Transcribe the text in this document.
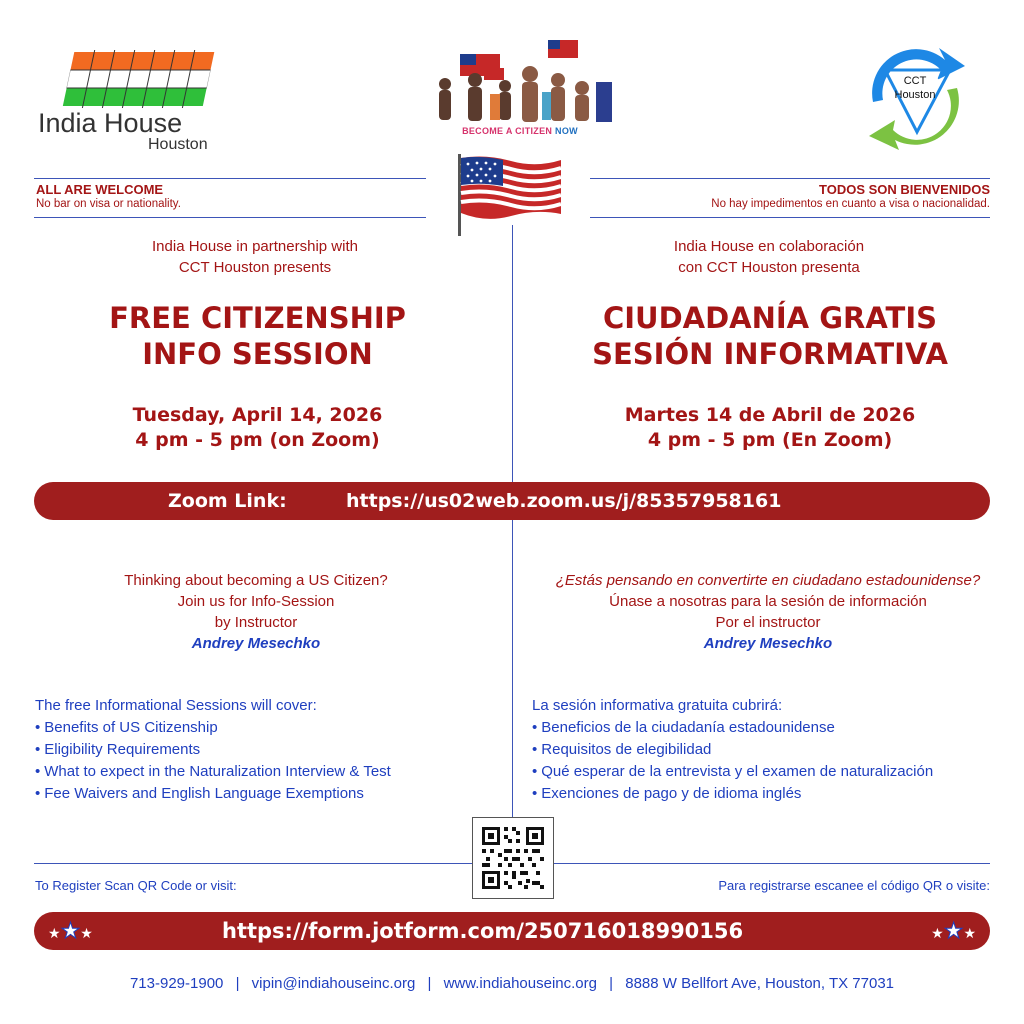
India House
Houston
BECOME A CITIZEN NOW
CCT
Houston
ALL ARE WELCOME
No bar on visa or nationality.
TODOS SON BIENVENIDOS
No hay impedimentos en cuanto a visa o nacionalidad.
India House in partnership with
CCT Houston presents
India House en colaboración
con CCT Houston presenta
FREE CITIZENSHIP
INFO SESSION
CIUDADANÍA GRATIS
SESIÓN INFORMATIVA
Tuesday, April 14, 2026
4 pm - 5 pm (on Zoom)
Martes 14 de Abril de 2026
4 pm - 5 pm (En Zoom)
Zoom Link:	https://us02web.zoom.us/j/85357958161
Thinking about becoming a US Citizen?
Join us for Info-Session
by Instructor
Andrey Mesechko
¿Estás pensando en convertirte en ciudadano estadounidense?
Únase a nosotras para la sesión de información
Por el instructor
Andrey Mesechko
The free Informational Sessions will cover:
• Benefits of US Citizenship
• Eligibility Requirements
• What to expect in the Naturalization Interview & Test
• Fee Waivers and English Language Exemptions
La sesión informativa gratuita cubrirá:
• Beneficios de la ciudadanía estadounidense
• Requisitos de elegibilidad
• Qué esperar de la entrevista y el examen de naturalización
• Exenciones de pago y de idioma inglés
To Register Scan QR Code or visit:	Para registrarse escanee el código QR o visite:
★★★	https://form.jotform.com/250716018990156	★★★
713-929-1900 | vipin@indiahouseinc.org | www.indiahouseinc.org | 8888 W Bellfort Ave, Houston, TX 77031
